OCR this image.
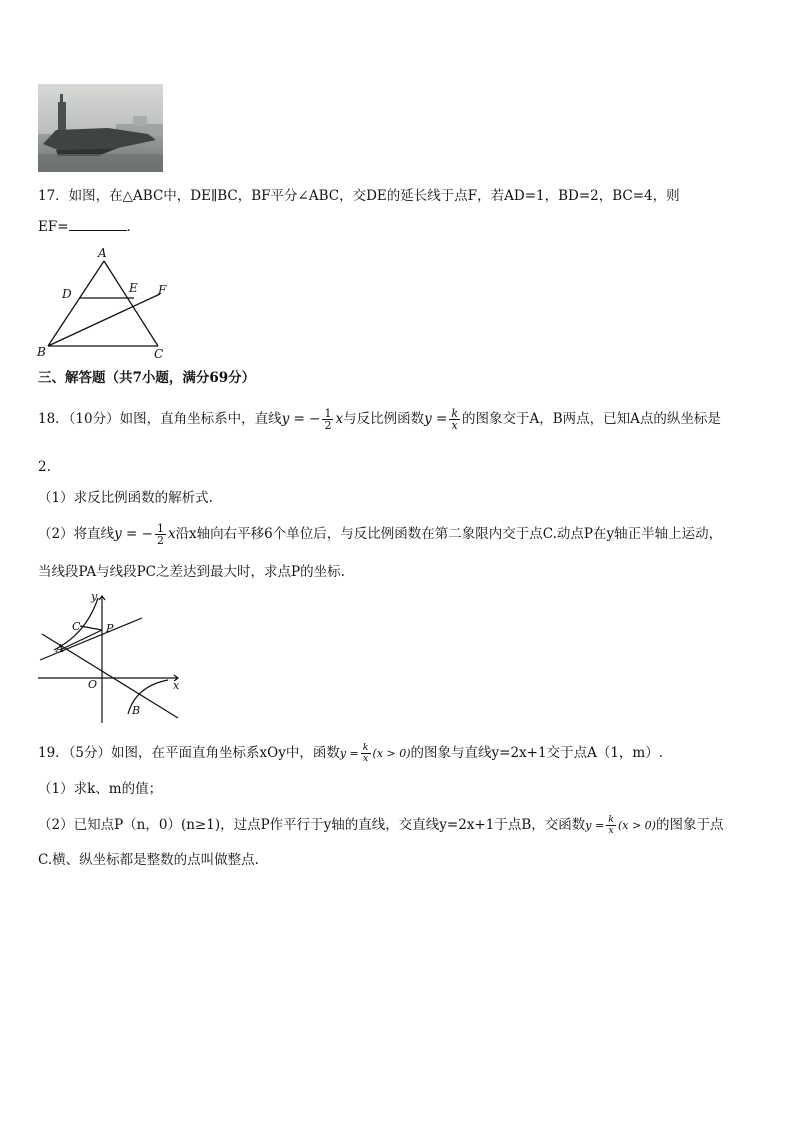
17．如图，在△ABC中，DE∥BC，BF平分∠ABC，交DE的延长线于点F，若AD=1，BD=2，BC=4，则
EF=	．
A
D	E F
B	C
三、解答题（共7小题，满分69分）
18．（10分）如图，直角坐标系中，直线y = − $\frac{1}{2}$ x与反比例函数$y = \frac{k}{x}$ 的图象交于A，B两点，已知A点的纵坐标是
2.
（1）求反比例函数的解析式.
（2）将直线y = − $\frac{1}{2}$ x沿x轴向右平移6个单位后，与反比例函数在第二象限内交于点C.动点P在y轴正半轴上运动，
当线段PA与线段PC之差达到最大时，求点P的坐标.
y
x
O
A
C P
B
19．（5分）如图，在平面直角坐标系xOy中，函数$y = \frac{k}{x} (x > 0)$的图象与直线y=2x+1交于点A（1，m）.
（1）求k、m的值；
（2）已知点P（n，0）(n≥1)，过点P作平行于y轴的直线，交直线y=2x+1于点B，交函数$y = \frac{k}{x} (x > 0)$的图象于点
C.横、纵坐标都是整数的点叫做整点.
